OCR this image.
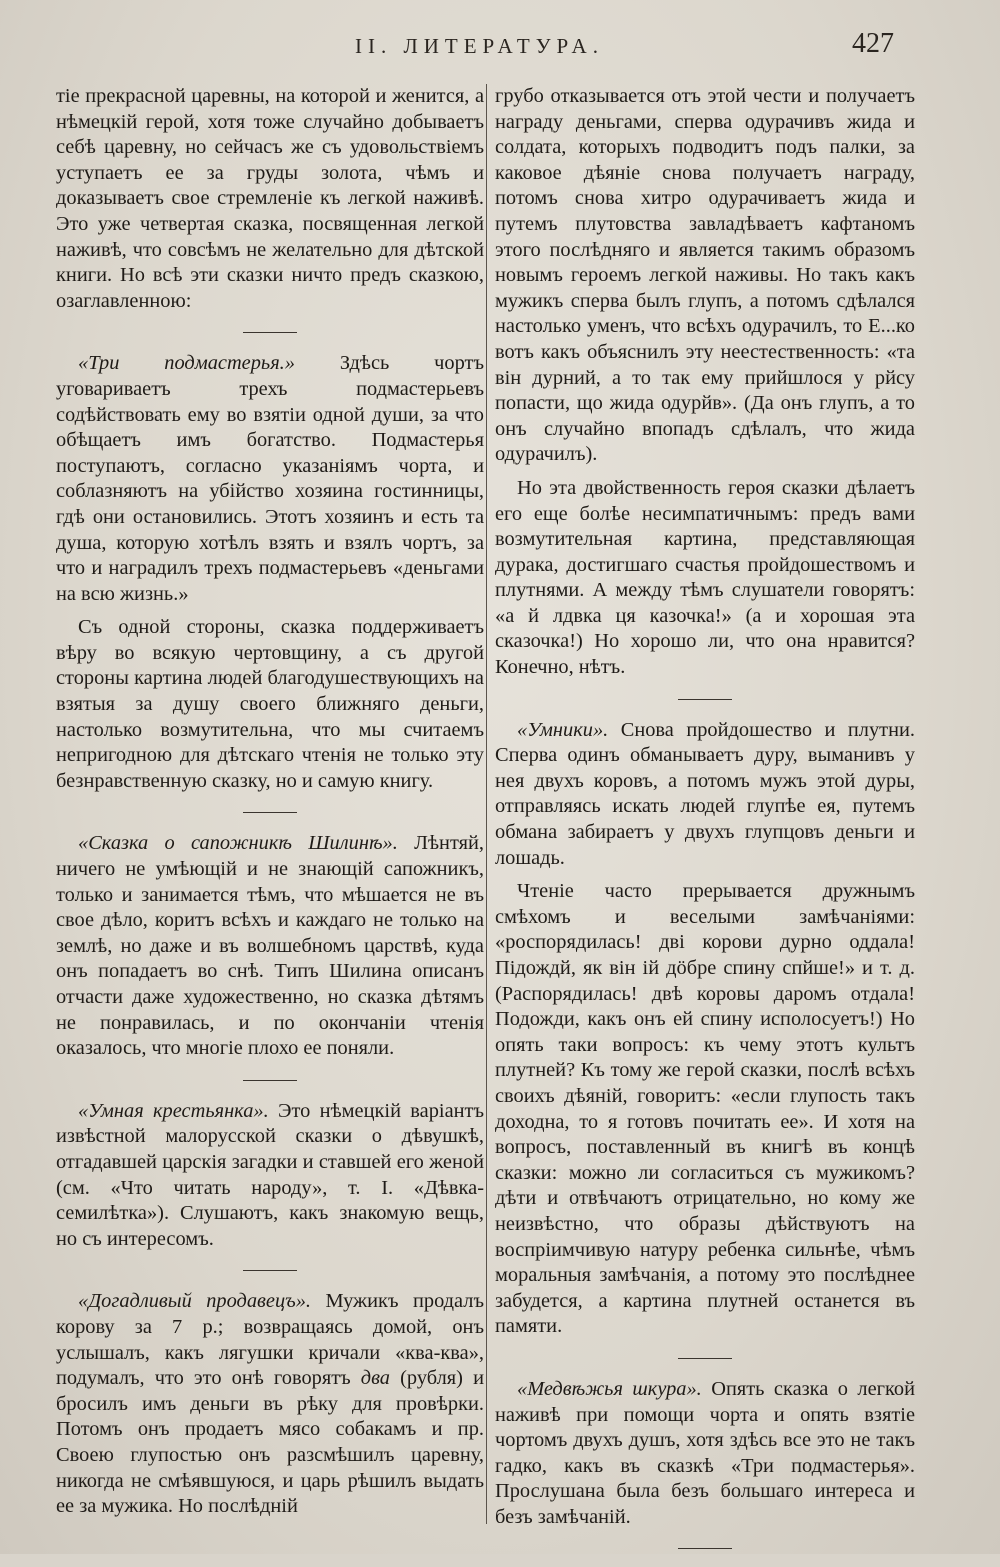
II. ЛИТЕРАТУРА.	427

тіе прекрасной царевны, на которой и женится, а нѣмецкій герой, хотя тоже случайно добываетъ себѣ царевну, но сейчасъ же съ удовольствіемъ уступаетъ ее за груды золота, чѣмъ и доказываетъ свое стремленіе къ легкой наживѣ. Это уже четвертая сказка, посвященная легкой наживѣ, что совсѣмъ не желательно для дѣтской книги. Но всѣ эти сказки ничто предъ сказкою, озаглавленною:

«Три подмастерья.» Здѣсь чортъ уговариваетъ трехъ подмастерьевъ содѣйствовать ему во взятіи одной души, за что обѣщаетъ имъ богатство. Подмастерья поступаютъ, согласно указаніямъ чорта, и соблазняютъ на убійство хозяина гостинницы, гдѣ они остановились. Этотъ хозяинъ и есть та душа, которую хотѣлъ взять и взялъ чортъ, за что и наградилъ трехъ подмастерьевъ «деньгами на всю жизнь.»

Съ одной стороны, сказка поддерживаетъ вѣру во всякую чертовщину, а съ другой стороны картина людей благодушествующихъ на взятыя за душу своего ближняго деньги, настолько возмутительна, что мы считаемъ непригодною для дѣтскаго чтенія не только эту безнравственную сказку, но и самую книгу.

«Сказка о сапожникѣ Шилинѣ». Лѣнтяй, ничего не умѣющій и не знающій сапожникъ, только и занимается тѣмъ, что мѣшается не въ свое дѣло, коритъ всѣхъ и каждаго не только на землѣ, но даже и въ волшебномъ царствѣ, куда онъ попадаетъ во снѣ. Типъ Шилина описанъ отчасти даже художественно, но сказка дѣтямъ не понравилась, и по окончаніи чтенія оказалось, что многіе плохо ее поняли.

«Умная крестьянка». Это нѣмецкій варіантъ извѣстной малорусской сказки о дѣвушкѣ, отгадавшей царскія загадки и ставшей его женой (см. «Что читать народу», т. I. «Дѣвка-семилѣтка»). Слушаютъ, какъ знакомую вещь, но съ интересомъ.

«Догадливый продавецъ». Мужикъ продалъ корову за 7 р.; возвращаясь домой, онъ услышалъ, какъ лягушки кричали «ква-ква», подумалъ, что это онѣ говорятъ два (рубля) и бросилъ имъ деньги въ рѣку для провѣрки. Потомъ онъ продаетъ мясо собакамъ и пр. Своею глупостью онъ разсмѣшилъ царевну, никогда не смѣявшуюся, и царь рѣшилъ выдать ее за мужика. Но послѣдній

грубо отказывается отъ этой чести и получаетъ награду деньгами, сперва одурачивъ жида и солдата, которыхъ подводитъ подъ палки, за каковое дѣяніе снова получаетъ награду, потомъ снова хитро одурачиваетъ жида и путемъ плутовства завладѣваетъ кафтаномъ этого послѣдняго и является такимъ образомъ новымъ героемъ легкой наживы. Но такъ какъ мужикъ сперва былъ глупъ, а потомъ сдѣлался настолько уменъ, что всѣхъ одурачилъ, то Е...ко вотъ какъ объяснилъ эту неестественность: «та він дурний, а то так ему прийшлося у рйсу попасти, що жида одурйв». (Да онъ глупъ, а то онъ случайно впопадъ сдѣлалъ, что жида одурачилъ).

Но эта двойственность героя сказки дѣлаетъ его еще болѣе несимпатичнымъ: предъ вами возмутительная картина, представляющая дурака, достигшаго счастья пройдошествомъ и плутнями. А между тѣмъ слушатели говорятъ: «а й лдвка ця казочка!» (а и хорошая эта сказочка!) Но хорошо ли, что она нравится? Конечно, нѣтъ.

«Умники». Снова пройдошество и плутни. Сперва одинъ обманываетъ дуру, выманивъ у нея двухъ коровъ, а потомъ мужъ этой дуры, отправляясь искать людей глупѣе ея, путемъ обмана забираетъ у двухъ глупцовъ деньги и лошадь.

Чтеніе часто прерывается дружнымъ смѣхомъ и веселыми замѣчаніями: «роспорядилась! дві корови дурно оддала! Підождй, як він ій дӧбре спину спйше!» и т. д. (Распорядилась! двѣ коровы даромъ отдала! Подожди, какъ онъ ей спину исполосуетъ!) Но опять таки вопросъ: къ чему этотъ культъ плутней? Къ тому же герой сказки, послѣ всѣхъ своихъ дѣяній, говоритъ: «если глупость такъ доходна, то я готовъ почитать ее». И хотя на вопросъ, поставленный въ книгѣ въ концѣ сказки: можно ли согласиться съ мужикомъ? дѣти и отвѣчаютъ отрицательно, но кому же неизвѣстно, что образы дѣйствуютъ на воспріимчивую натуру ребенка сильнѣе, чѣмъ моральныя замѣчанія, а потому это послѣднее забудется, а картина плутней останется въ памяти.

«Медвѣжья шкура». Опять сказка о легкой наживѣ при помощи чорта и опять взятіе чортомъ двухъ душъ, хотя здѣсь все это не такъ гадко, какъ въ сказкѣ «Три подмастерья». Прослушана была безъ большаго интереса и безъ замѣчаній.
